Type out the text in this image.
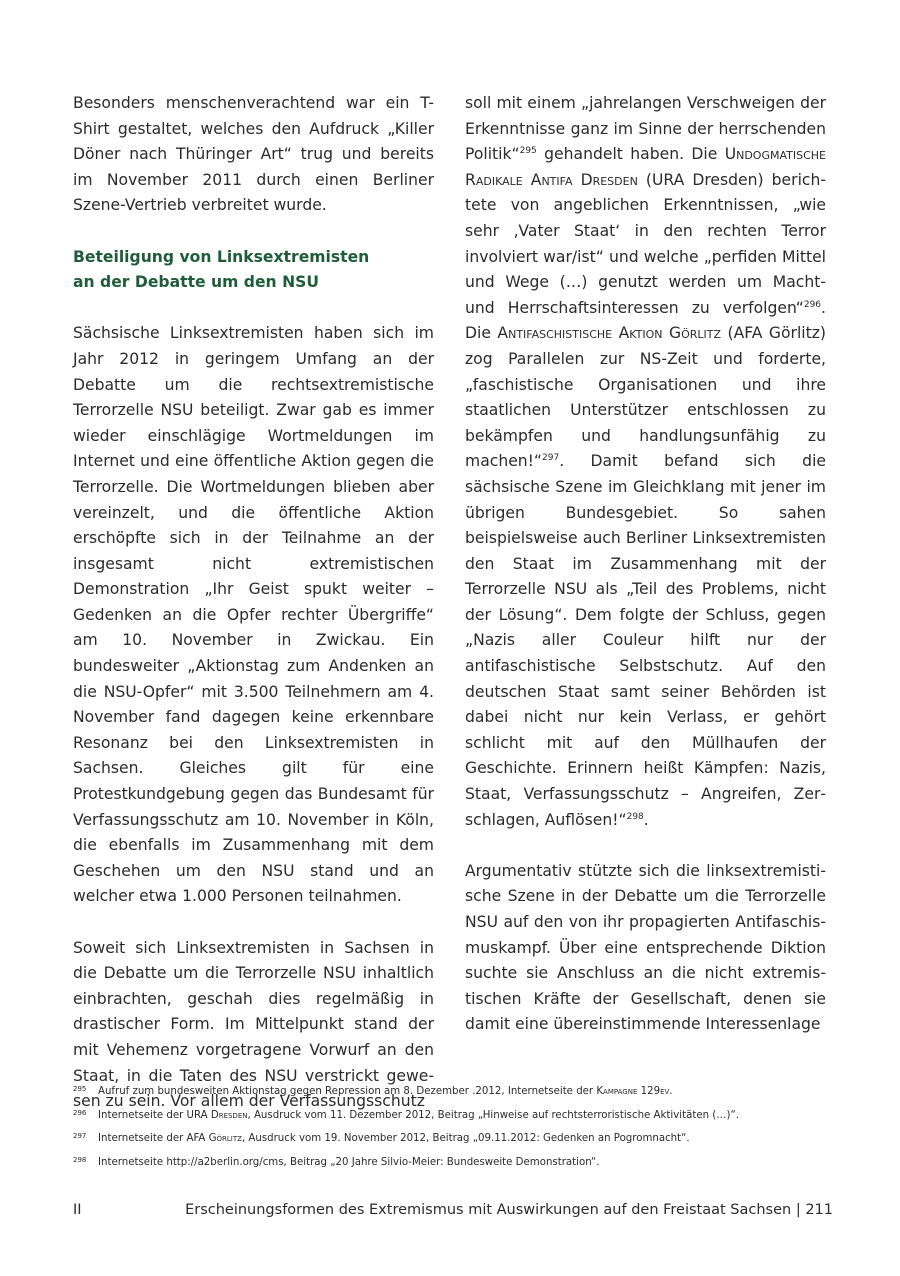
Besonders menschenverachtend war ein T-Shirt gestaltet, welches den Aufdruck „Killer Döner nach Thüringer Art“ trug und bereits im November 2011 durch einen Berliner Szene-Vertrieb verbreitet wurde.

Beteiligung von Linksextremisten
an der Debatte um den NSU

Sächsische Linksextremisten haben sich im Jahr 2012 in geringem Umfang an der Debatte um die rechtsextremistische Terrorzelle NSU beteiligt. Zwar gab es immer wieder einschlägige Wortmeldungen im Internet und eine öffentliche Aktion gegen die Terrorzelle. Die Wortmeldungen blieben aber vereinzelt, und die öffentliche Aktion erschöpfte sich in der Teilnahme an der insgesamt nicht extremistischen Demonstration „Ihr Geist spukt weiter – Gedenken an die Opfer rechter Übergriffe“ am 10. November in Zwickau. Ein bundesweiter „Aktionstag zum Andenken an die NSU-Opfer“ mit 3.500 Teilnehmern am 4. November fand dagegen keine erkennbare Resonanz bei den Linksextremisten in Sachsen. Gleiches gilt für eine Protestkundgebung gegen das Bundesamt für Verfassungsschutz am 10. November in Köln, die ebenfalls im Zusammenhang mit dem Geschehen um den NSU stand und an welcher etwa 1.000 Personen teilnahmen.

Soweit sich Linksextremisten in Sachsen in die Debatte um die Terrorzelle NSU inhaltlich einbrachten, geschah dies regelmäßig in drastischer Form. Im Mittelpunkt stand der mit Vehemenz vorgetragene Vorwurf an den Staat, in die Taten des NSU verstrickt gewesen zu sein. Vor allem der Verfassungsschutz

soll mit einem „jahrelangen Verschweigen der Erkenntnisse ganz im Sinne der herrschenden Politik“$^{295}$ gehandelt haben. Die Undogmatische Radikale Antifa Dresden (URA Dresden) berichtete von angeblichen Erkenntnissen, „wie sehr ‚Vater Staat‘ in den rechten Terror involviert war/ist“ und welche „perfiden Mittel und Wege (…) genutzt werden um Macht- und Herrschaftsinteressen zu verfolgen“$^{296}$. Die Antifaschistische Aktion Görlitz (AFA Görlitz) zog Parallelen zur NS-Zeit und forderte, „faschistische Organisationen und ihre staatlichen Unterstützer entschlossen zu bekämpfen und handlungsunfähig zu machen!“$^{297}$. Damit befand sich die sächsische Szene im Gleichklang mit jener im übrigen Bundesgebiet. So sahen beispielsweise auch Berliner Linksextremisten den Staat im Zusammenhang mit der Terrorzelle NSU als „Teil des Problems, nicht der Lösung“. Dem folgte der Schluss, gegen „Nazis aller Couleur hilft nur der antifaschistische Selbstschutz. Auf den deutschen Staat samt seiner Behörden ist dabei nicht nur kein Verlass, er gehört schlicht mit auf den Müllhaufen der Geschichte. Erinnern heißt Kämpfen: Nazis, Staat, Verfassungsschutz – Angreifen, Zerschlagen, Auflösen!“$^{298}$.

Argumentativ stützte sich die linksextremistische Szene in der Debatte um die Terrorzelle NSU auf den von ihr propagierten Antifaschismuskampf. Über eine entsprechende Diktion suchte sie Anschluss an die nicht extremistischen Kräfte der Gesellschaft, denen sie damit eine übereinstimmende Interessenlage

295 Aufruf zum bundesweiten Aktionstag gegen Repression am 8. Dezember .2012, Internetseite der Kampagne 129ev.
296 Internetseite der URA Dresden, Ausdruck vom 11. Dezember 2012, Beitrag „Hinweise auf rechtsterroristische Aktivitäten (…)“.
297 Internetseite der AFA Görlitz, Ausdruck vom 19. November 2012, Beitrag „09.11.2012: Gedenken an Pogromnacht“.
298 Internetseite http://a2berlin.org/cms, Beitrag „20 Jahre Silvio-Meier: Bundesweite Demonstration“.
II	Erscheinungsformen des Extremismus mit Auswirkungen auf den Freistaat Sachsen | 211
